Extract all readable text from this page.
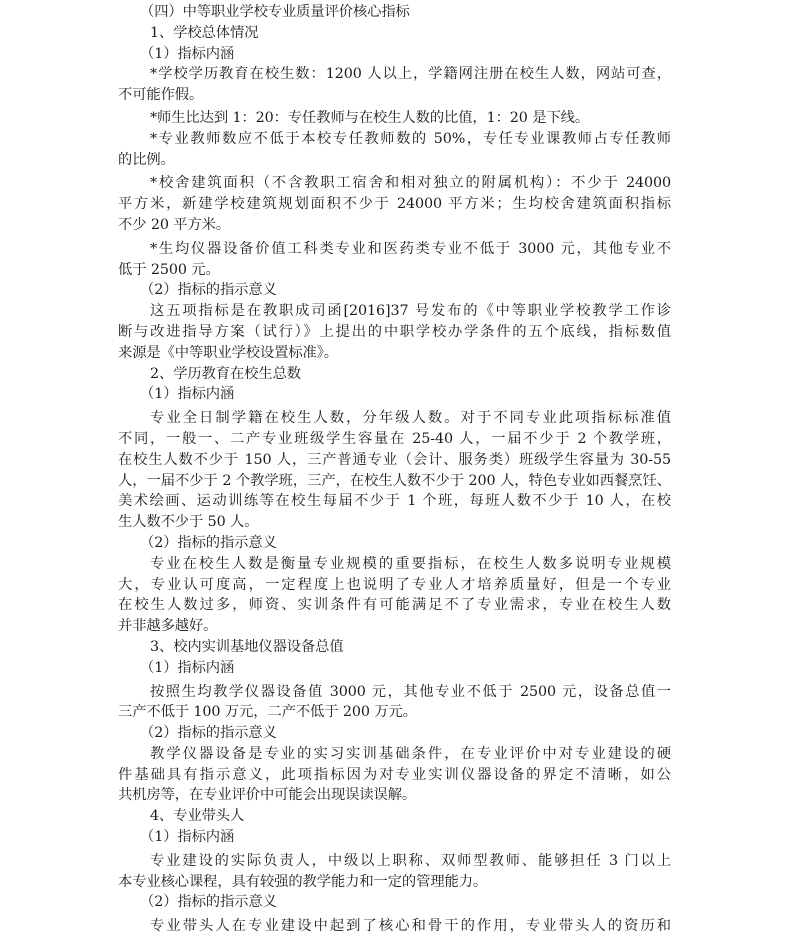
（四）中等职业学校专业质量评价核心指标
1、学校总体情况
（1）指标内涵
*学校学历教育在校生数：1200 人以上，学籍网注册在校生人数，网站可查，
不可能作假。
*师生比达到 1：20：专任教师与在校生人数的比值，1：20 是下线。
*专业教师数应不低于本校专任教师数的 50%，专任专业课教师占专任教师
的比例。
*校舍建筑面积（不含教职工宿舍和相对独立的附属机构）：不少于 24000
平方米，新建学校建筑规划面积不少于 24000 平方米；生均校舍建筑面积指标
不少 20 平方米。
*生均仪器设备价值工科类专业和医药类专业不低于 3000 元，其他专业不
低于 2500 元。
（2）指标的指示意义
这五项指标是在教职成司函[2016]37 号发布的《中等职业学校教学工作诊
断与改进指导方案（试行）》上提出的中职学校办学条件的五个底线，指标数值
来源是《中等职业学校设置标准》。
2、学历教育在校生总数
（1）指标内涵
专业全日制学籍在校生人数，分年级人数。对于不同专业此项指标标准值
不同，一般一、二产专业班级学生容量在 25-40 人，一届不少于 2 个教学班，
在校生人数不少于 150 人，三产普通专业（会计、服务类）班级学生容量为 30-55
人，一届不少于 2 个教学班，三产，在校生人数不少于 200 人，特色专业如西餐烹饪、
美术绘画、运动训练等在校生每届不少于 1 个班，每班人数不少于 10 人，在校
生人数不少于 50 人。
（2）指标的指示意义
专业在校生人数是衡量专业规模的重要指标，在校生人数多说明专业规模
大，专业认可度高，一定程度上也说明了专业人才培养质量好，但是一个专业
在校生人数过多，师资、实训条件有可能满足不了专业需求，专业在校生人数
并非越多越好。
3、校内实训基地仪器设备总值
（1）指标内涵
按照生均教学仪器设备值 3000 元，其他专业不低于 2500 元，设备总值一
三产不低于 100 万元，二产不低于 200 万元。
（2）指标的指示意义
教学仪器设备是专业的实习实训基础条件，在专业评价中对专业建设的硬
件基础具有指示意义，此项指标因为对专业实训仪器设备的界定不清晰，如公
共机房等，在专业评价中可能会出现误读误解。
4、专业带头人
（1）指标内涵
专业建设的实际负责人，中级以上职称、双师型教师、能够担任 3 门以上
本专业核心课程，具有较强的教学能力和一定的管理能力。
（2）指标的指示意义
专业带头人在专业建设中起到了核心和骨干的作用，专业带头人的资历和
